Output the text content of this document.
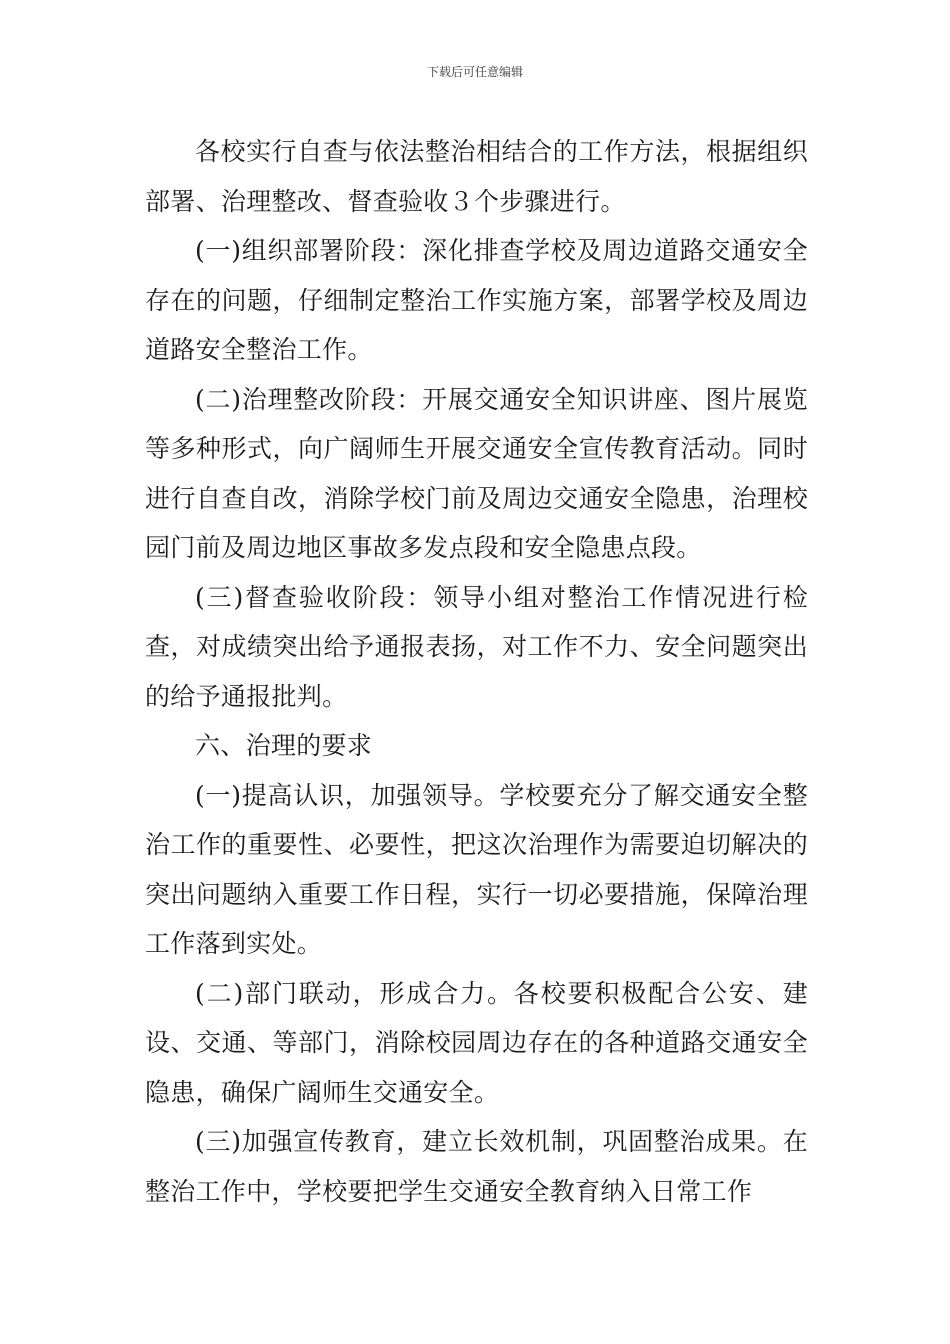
下载后可任意编辑

各校实行自查与依法整治相结合的工作方法，根据组织部署、治理整改、督查验收３个步骤进行。

(一)组织部署阶段：深化排查学校及周边道路交通安全存在的问题，仔细制定整治工作实施方案，部署学校及周边道路安全整治工作。

(二)治理整改阶段：开展交通安全知识讲座、图片展览等多种形式，向广阔师生开展交通安全宣传教育活动。同时进行自查自改，消除学校门前及周边交通安全隐患，治理校园门前及周边地区事故多发点段和安全隐患点段。

(三)督查验收阶段：领导小组对整治工作情况进行检查，对成绩突出给予通报表扬，对工作不力、安全问题突出的给予通报批判。

六、治理的要求

(一)提高认识，加强领导。学校要充分了解交通安全整治工作的重要性、必要性，把这次治理作为需要迫切解决的突出问题纳入重要工作日程，实行一切必要措施，保障治理工作落到实处。

(二)部门联动，形成合力。各校要积极配合公安、建设、交通、等部门，消除校园周边存在的各种道路交通安全隐患，确保广阔师生交通安全。

(三)加强宣传教育，建立长效机制，巩固整治成果。在整治工作中，学校要把学生交通安全教育纳入日常工作
